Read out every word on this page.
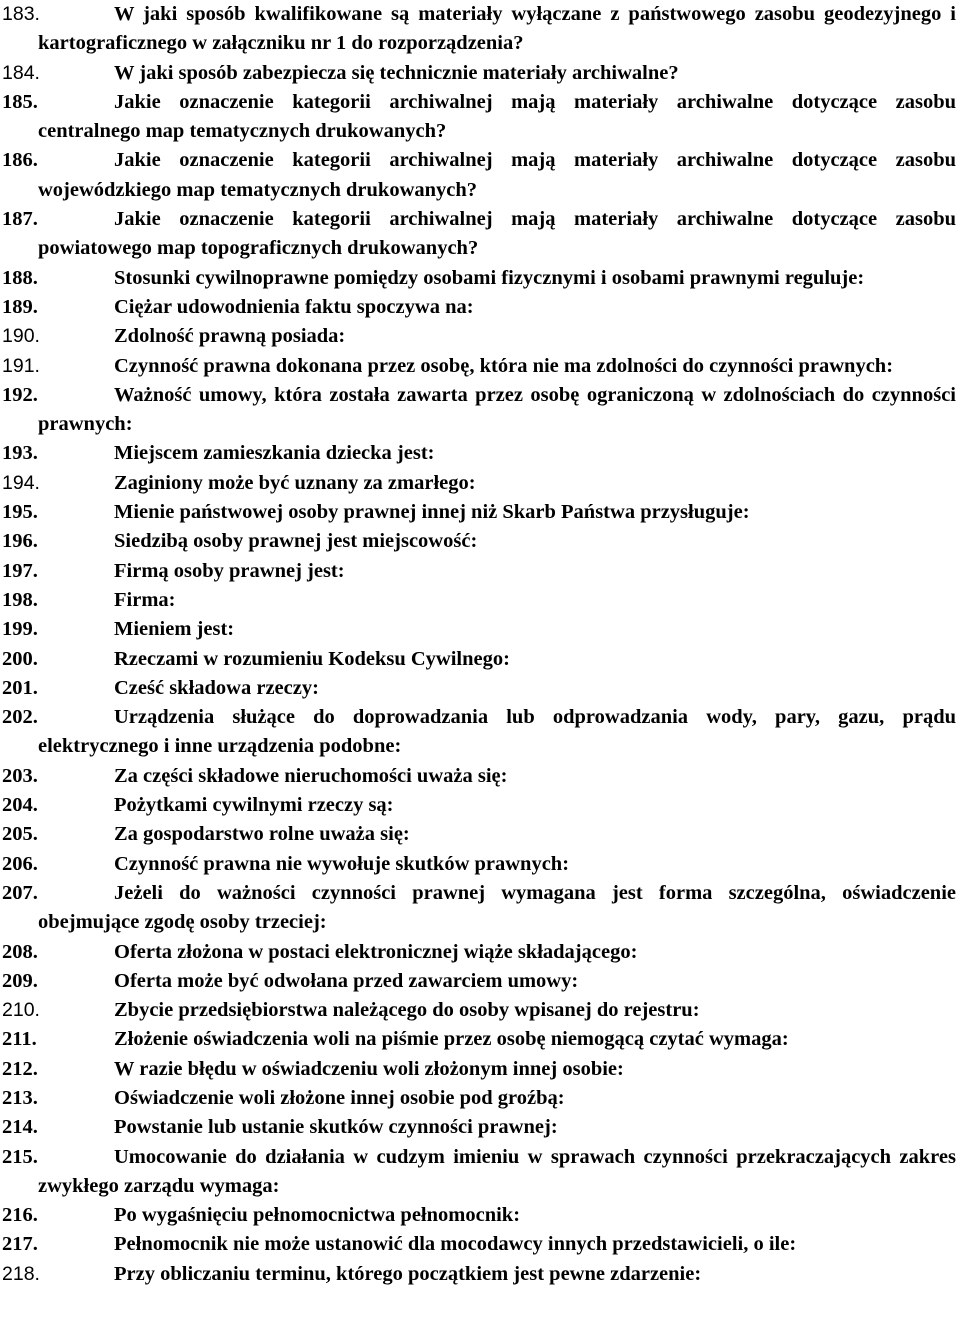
183.	W jaki sposób kwalifikowane są materiały wyłączane z państwowego zasobu geodezyjnego i kartograficznego w załączniku nr 1 do rozporządzenia?
184.	W jaki sposób zabezpiecza się technicznie materiały archiwalne?
185.	Jakie oznaczenie kategorii archiwalnej mają materiały archiwalne dotyczące zasobu centralnego map tematycznych drukowanych?
186.	Jakie oznaczenie kategorii archiwalnej mają materiały archiwalne dotyczące zasobu wojewódzkiego map tematycznych drukowanych?
187.	Jakie oznaczenie kategorii archiwalnej mają materiały archiwalne dotyczące zasobu powiatowego map topograficznych drukowanych?
188.	Stosunki cywilnoprawne pomiędzy osobami fizycznymi i osobami prawnymi reguluje:
189.	Ciężar udowodnienia faktu spoczywa na:
190.	Zdolność prawną posiada:
191.	Czynność prawna dokonana przez osobę, która nie ma zdolności do czynności prawnych:
192.	Ważność umowy, która została zawarta przez osobę ograniczoną w zdolnościach do czynności prawnych:
193.	Miejscem zamieszkania dziecka jest:
194.	Zaginiony może być uznany za zmarłego:
195.	Mienie państwowej osoby prawnej innej niż Skarb Państwa przysługuje:
196.	Siedzibą osoby prawnej jest miejscowość:
197.	Firmą osoby prawnej jest:
198.	Firma:
199.	Mieniem jest:
200.	Rzeczami w rozumieniu Kodeksu Cywilnego:
201.	Cześć składowa rzeczy:
202.	Urządzenia służące do doprowadzania lub odprowadzania wody, pary, gazu, prądu elektrycznego i inne urządzenia podobne:
203.	Za części składowe nieruchomości uważa się:
204.	Pożytkami cywilnymi rzeczy są:
205.	Za gospodarstwo rolne uważa się:
206.	Czynność prawna nie wywołuje skutków prawnych:
207.	Jeżeli do ważności czynności prawnej wymagana jest forma szczególna, oświadczenie obejmujące zgodę osoby trzeciej:
208.	Oferta złożona w postaci elektronicznej wiąże składającego:
209.	Oferta może być odwołana przed zawarciem umowy:
210.	Zbycie przedsiębiorstwa należącego do osoby wpisanej do rejestru:
211.	Złożenie oświadczenia woli na piśmie przez osobę niemogącą czytać wymaga:
212.	W razie błędu w oświadczeniu woli złożonym innej osobie:
213.	Oświadczenie woli złożone innej osobie pod groźbą:
214.	Powstanie lub ustanie skutków czynności prawnej:
215.	Umocowanie do działania w cudzym imieniu w sprawach czynności przekraczających zakres zwykłego zarządu wymaga:
216.	Po wygaśnięciu pełnomocnictwa pełnomocnik:
217.	Pełnomocnik nie może ustanowić dla mocodawcy innych przedstawicieli, o ile:
218.	Przy obliczaniu terminu, którego początkiem jest pewne zdarzenie:
